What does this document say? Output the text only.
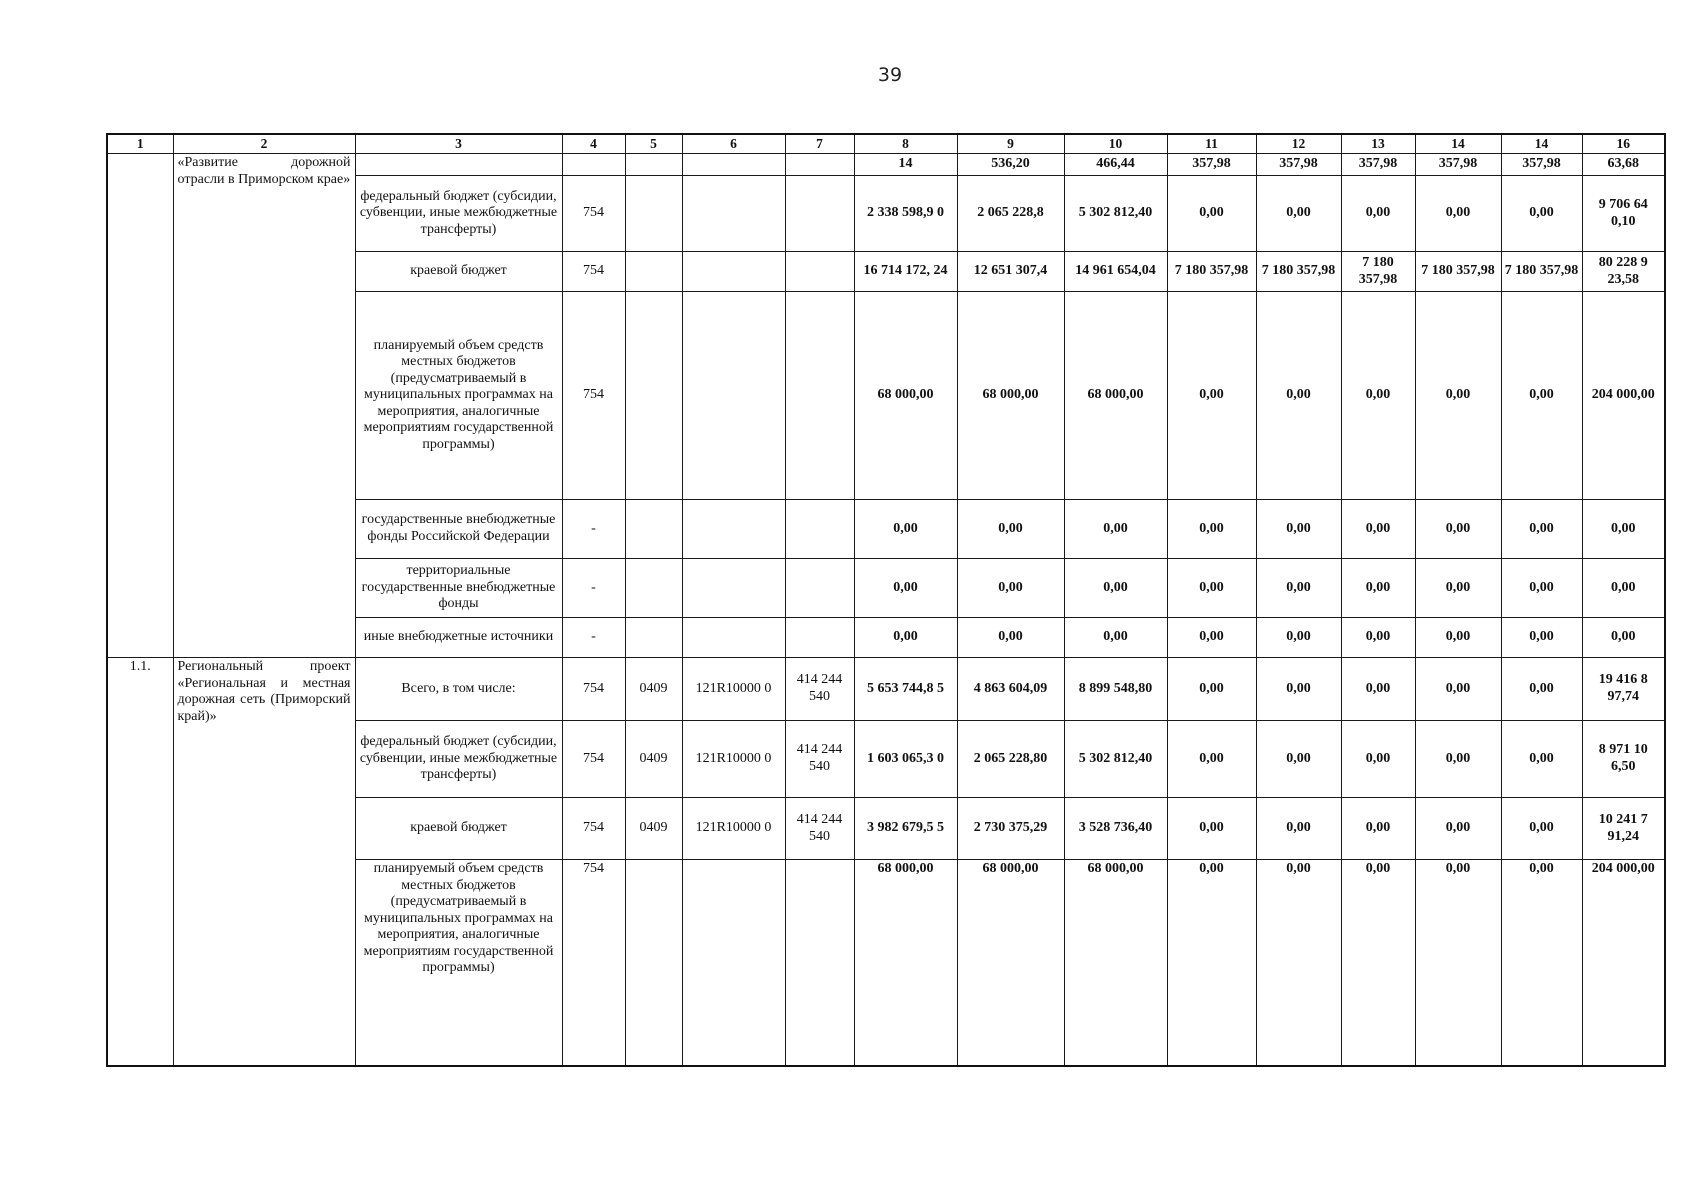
39
1	2	3	4	5	6	7	8	9	10	11	12	13	14	14	16
	«Развитие дорожной отрасли в Приморском крае»						14	536,20	466,44	357,98	357,98	357,98	357,98	357,98	63,68
		федеральный бюджет (субсидии, субвенции, иные межбюджетные трансферты)	754				2 338 598,9 0	2 065 228,8	5 302 812,40	0,00	0,00	0,00	0,00	0,00	9 706 64 0,10
		краевой бюджет	754				16 714 172, 24	12 651 307,4	14 961 654,04	7 180 357,98	7 180 357,98	7 180 357,98	7 180 357,98	7 180 357,98	80 228 9 23,58
		планируемый объем средств местных бюджетов (предусматриваемый в муниципальных программах на мероприятия, аналогичные мероприятиям государственной программы)	754				68 000,00	68 000,00	68 000,00	0,00	0,00	0,00	0,00	0,00	204 000,00
		государственные внебюджетные фонды Российской Федерации	-				0,00	0,00	0,00	0,00	0,00	0,00	0,00	0,00	0,00
		территориальные государственные внебюджетные фонды	-				0,00	0,00	0,00	0,00	0,00	0,00	0,00	0,00	0,00
		иные внебюджетные источники	-				0,00	0,00	0,00	0,00	0,00	0,00	0,00	0,00	0,00
1.1.	Региональный проект «Региональная и местная дорожная сеть (Приморский край)»	Всего, в том числе:	754	0409	121R10000 0	414 244 540	5 653 744,8 5	4 863 604,09	8 899 548,80	0,00	0,00	0,00	0,00	0,00	19 416 8 97,74
		федеральный бюджет (субсидии, субвенции, иные межбюджетные трансферты)	754	0409	121R10000 0	414 244 540	1 603 065,3 0	2 065 228,80	5 302 812,40	0,00	0,00	0,00	0,00	0,00	8 971 10 6,50
		краевой бюджет	754	0409	121R10000 0	414 244 540	3 982 679,5 5	2 730 375,29	3 528 736,40	0,00	0,00	0,00	0,00	0,00	10 241 7 91,24
		планируемый объем средств местных бюджетов (предусматриваемый в муниципальных программах на мероприятия, аналогичные мероприятиям государственной программы)	754				68 000,00	68 000,00	68 000,00	0,00	0,00	0,00	0,00	0,00	204 000,00
